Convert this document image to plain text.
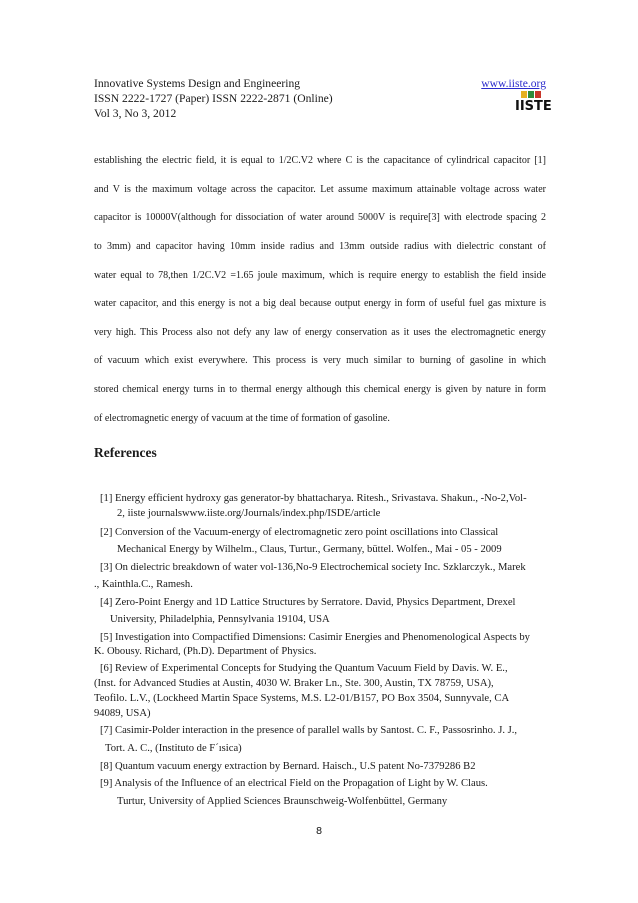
Innovative Systems Design and Engineering
ISSN 2222-1727 (Paper) ISSN 2222-2871 (Online)
Vol 3, No 3, 2012
www.iiste.org
IISTE
establishing the electric field, it is equal to 1/2C.V2 where C is the capacitance of cylindrical capacitor [1]
and V is the maximum voltage across the capacitor. Let assume maximum attainable voltage across water
capacitor is 10000V(although for dissociation of water around 5000V is require[3] with electrode spacing 2
to 3mm) and capacitor having 10mm inside radius and 13mm outside radius with dielectric constant of
water equal to 78,then 1/2C.V2 =1.65 joule maximum, which is require energy to establish the field inside
water capacitor, and this energy is not a big deal because output energy in form of useful fuel gas mixture is
very high. This Process also not defy any law of energy conservation as it uses the electromagnetic energy
of vacuum which exist everywhere. This process is very much similar to burning of gasoline in which
stored chemical energy turns in to thermal energy although this chemical energy is given by nature in form
of electromagnetic energy of vacuum at the time of formation of gasoline.
References
[1] Energy efficient hydroxy gas generator-by bhattacharya. Ritesh., Srivastava. Shakun., -No-2,Vol-
2, iiste journalswww.iiste.org/Journals/index.php/ISDE/article
[2] Conversion of the Vacuum-energy of electromagnetic zero point oscillations into Classical
Mechanical Energy by Wilhelm., Claus, Turtur., Germany, büttel. Wolfen., Mai - 05 - 2009
[3] On dielectric breakdown of water vol-136,No-9 Electrochemical society Inc. Szklarczyk., Marek
., Kainthla.C., Ramesh.
[4] Zero-Point Energy and 1D Lattice Structures by Serratore. David, Physics Department, Drexel
University, Philadelphia, Pennsylvania 19104, USA
[5] Investigation into Compactified Dimensions: Casimir Energies and Phenomenological Aspects by
K. Obousy. Richard, (Ph.D). Department of Physics.
[6] Review of Experimental Concepts for Studying the Quantum Vacuum Field by Davis. W. E.,
(Inst. for Advanced Studies at Austin, 4030 W. Braker Ln., Ste. 300, Austin, TX 78759, USA),
Teofilo. L.V., (Lockheed Martin Space Systems, M.S. L2-01/B157, PO Box 3504, Sunnyvale, CA
94089, USA)
[7] Casimir-Polder interaction in the presence of parallel walls by Santost. C. F., Passosrinho. J. J.,
Tort. A. C., (Instituto de F´ısica)
[8] Quantum vacuum energy extraction by Bernard. Haisch., U.S patent No-7379286 B2
[9] Analysis of the Influence of an electrical Field on the Propagation of Light by W. Claus.
Turtur, University of Applied Sciences Braunschweig-Wolfenbüttel, Germany
8
